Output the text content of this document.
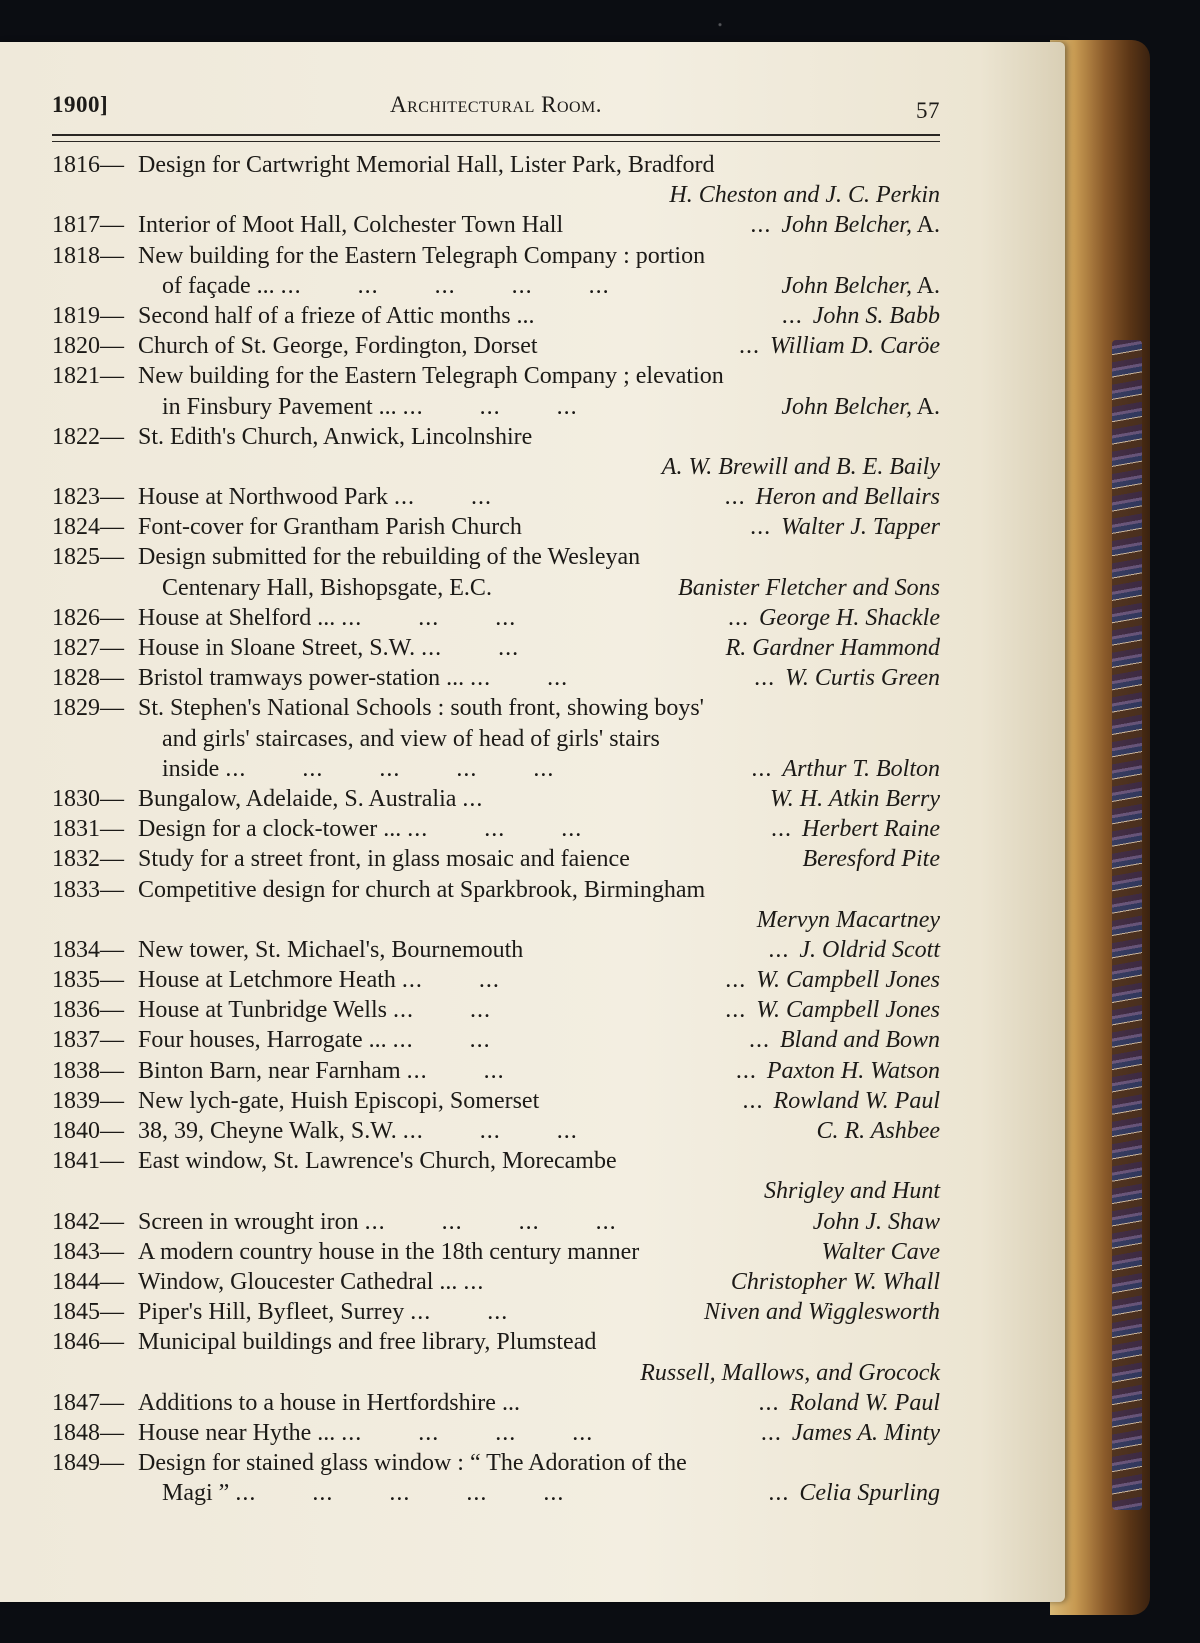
1900]	Architectural Room.	57
1816— Design for Cartwright Memorial Hall, Lister Park, Bradford
H. Cheston and J. C. Perkin
1817— Interior of Moot Hall, Colchester Town Hall	... John Belcher, A.
1818— New building for the Eastern Telegraph Company : portion
of façade ... ...        ...        ...        ...        ...	John Belcher, A.
1819— Second half of a frieze of Attic months ...	... John S. Babb
1820— Church of St. George, Fordington, Dorset	... William D. Caröe
1821— New building for the Eastern Telegraph Company ; elevation
in Finsbury Pavement ... ...        ...        ...	John Belcher, A.
1822— St. Edith's Church, Anwick, Lincolnshire
A. W. Brewill and B. E. Baily
1823— House at Northwood Park ...        ...	... Heron and Bellairs
1824— Font-cover for Grantham Parish Church	... Walter J. Tapper
1825— Design submitted for the rebuilding of the Wesleyan
Centenary Hall, Bishopsgate, E.C.	Banister Fletcher and Sons
1826— House at Shelford ... ...        ...        ...	... George H. Shackle
1827— House in Sloane Street, S.W. ...        ...	R. Gardner Hammond
1828— Bristol tramways power-station ... ...        ...	... W. Curtis Green
1829— St. Stephen's National Schools : south front, showing boys'
and girls' staircases, and view of head of girls' stairs
inside ...        ...        ...        ...        ...	... Arthur T. Bolton
1830— Bungalow, Adelaide, S. Australia ...	W. H. Atkin Berry
1831— Design for a clock-tower ... ...        ...        ...	... Herbert Raine
1832— Study for a street front, in glass mosaic and faience	Beresford Pite
1833— Competitive design for church at Sparkbrook, Birmingham
Mervyn Macartney
1834— New tower, St. Michael's, Bournemouth	... J. Oldrid Scott
1835— House at Letchmore Heath ...        ...	... W. Campbell Jones
1836— House at Tunbridge Wells ...        ...	... W. Campbell Jones
1837— Four houses, Harrogate ... ...        ...	... Bland and Bown
1838— Binton Barn, near Farnham ...        ...	... Paxton H. Watson
1839— New lych-gate, Huish Episcopi, Somerset	... Rowland W. Paul
1840— 38, 39, Cheyne Walk, S.W. ...        ...        ...	C. R. Ashbee
1841— East window, St. Lawrence's Church, Morecambe
Shrigley and Hunt
1842— Screen in wrought iron ...        ...        ...        ...	John J. Shaw
1843— A modern country house in the 18th century manner	Walter Cave
1844— Window, Gloucester Cathedral ... ...	Christopher W. Whall
1845— Piper's Hill, Byfleet, Surrey ...        ...	Niven and Wigglesworth
1846— Municipal buildings and free library, Plumstead
Russell, Mallows, and Grocock
1847— Additions to a house in Hertfordshire ...	... Roland W. Paul
1848— House near Hythe ... ...        ...        ...        ...	... James A. Minty
1849— Design for stained glass window : “ The Adoration of the
Magi ” ...        ...        ...        ...        ...	... Celia Spurling
